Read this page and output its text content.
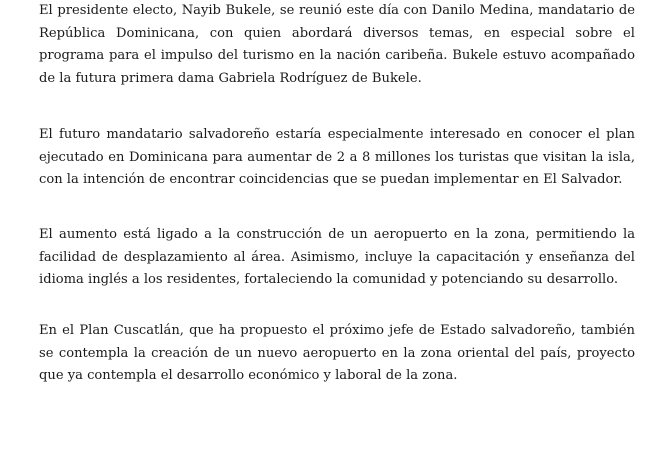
El presidente electo, Nayib Bukele, se reunió este día con Danilo Medina, mandatario de República Dominicana, con quien abordará diversos temas, en especial sobre el programa para el impulso del turismo en la nación caribeña. Bukele estuvo acompañado de la futura primera dama Gabriela Rodríguez de Bukele.

El futuro mandatario salvadoreño estaría especialmente interesado en conocer el plan ejecutado en Dominicana para aumentar de 2 a 8 millones los turistas que visitan la isla, con la intención de encontrar coincidencias que se puedan implementar en El Salvador.

El aumento está ligado a la construcción de un aeropuerto en la zona, permitiendo la facilidad de desplazamiento al área. Asimismo, incluye la capacitación y enseñanza del idioma inglés a los residentes, fortaleciendo la comunidad y potenciando su desarrollo.

En el Plan Cuscatlán, que ha propuesto el próximo jefe de Estado salvadoreño, también se contempla la creación de un nuevo aeropuerto en la zona oriental del país, proyecto que ya contempla el desarrollo económico y laboral de la zona.
